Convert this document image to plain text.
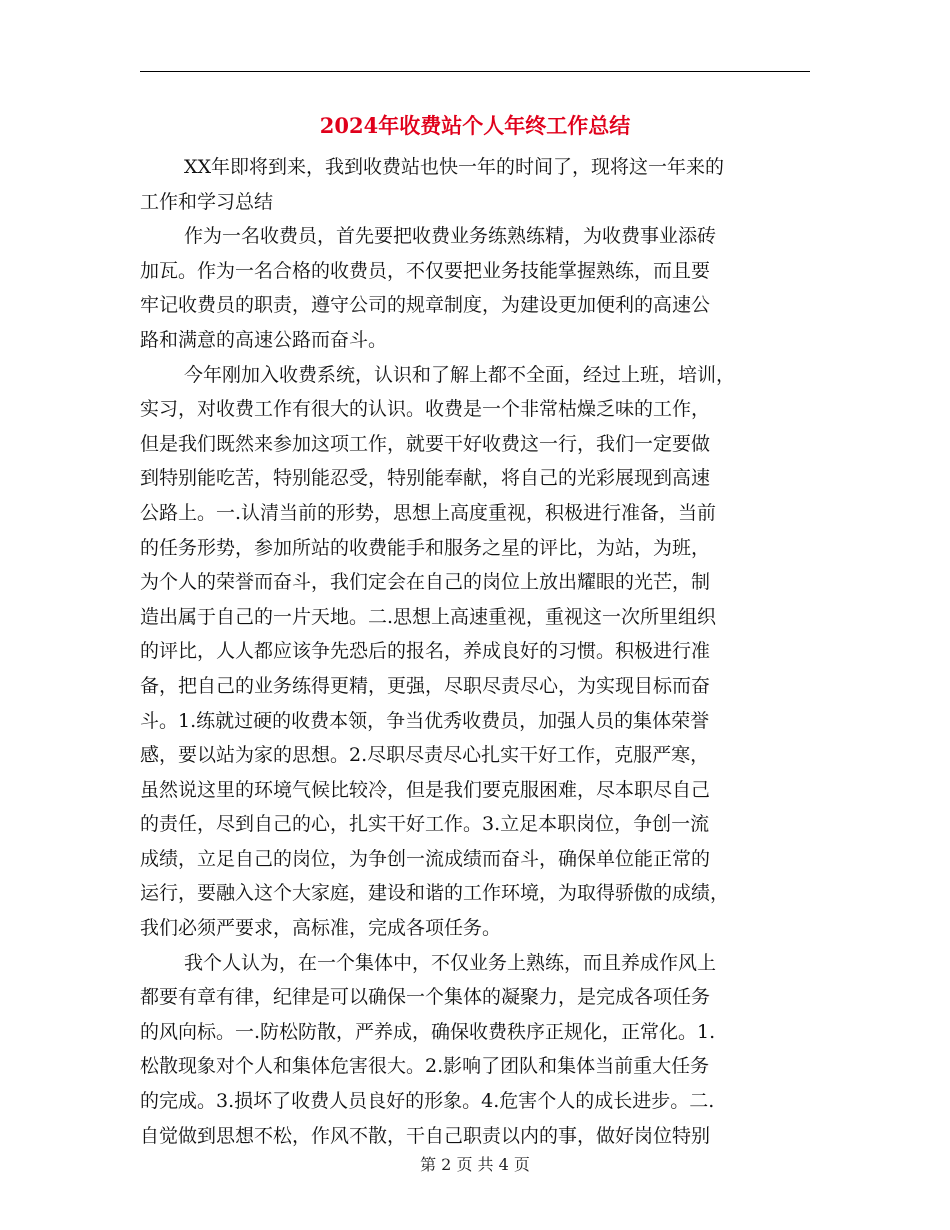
2024年收费站个人年终工作总结
XX年即将到来，我到收费站也快一年的时间了，现将这一年来的
工作和学习总结
作为一名收费员，首先要把收费业务练熟练精，为收费事业添砖
加瓦。作为一名合格的收费员，不仅要把业务技能掌握熟练，而且要
牢记收费员的职责，遵守公司的规章制度，为建设更加便利的高速公
路和满意的高速公路而奋斗。
今年刚加入收费系统，认识和了解上都不全面，经过上班，培训，
实习，对收费工作有很大的认识。收费是一个非常枯燥乏味的工作，
但是我们既然来参加这项工作，就要干好收费这一行，我们一定要做
到特别能吃苦，特别能忍受，特别能奉献，将自己的光彩展现到高速
公路上。一.认清当前的形势，思想上高度重视，积极进行准备，当前
的任务形势，参加所站的收费能手和服务之星的评比，为站，为班，
为个人的荣誉而奋斗，我们定会在自己的岗位上放出耀眼的光芒，制
造出属于自己的一片天地。二.思想上高速重视，重视这一次所里组织
的评比，人人都应该争先恐后的报名，养成良好的习惯。积极进行准
备，把自己的业务练得更精，更强，尽职尽责尽心，为实现目标而奋
斗。1.练就过硬的收费本领，争当优秀收费员，加强人员的集体荣誉
感，要以站为家的思想。2.尽职尽责尽心扎实干好工作，克服严寒，
虽然说这里的环境气候比较冷，但是我们要克服困难，尽本职尽自己
的责任，尽到自己的心，扎实干好工作。3.立足本职岗位，争创一流
成绩，立足自己的岗位，为争创一流成绩而奋斗，确保单位能正常的
运行，要融入这个大家庭，建设和谐的工作环境，为取得骄傲的成绩，
我们必须严要求，高标准，完成各项任务。
我个人认为，在一个集体中，不仅业务上熟练，而且养成作风上
都要有章有律，纪律是可以确保一个集体的凝聚力，是完成各项任务
的风向标。一.防松防散，严养成，确保收费秩序正规化，正常化。1.
松散现象对个人和集体危害很大。2.影响了团队和集体当前重大任务
的完成。3.损坏了收费人员良好的形象。4.危害个人的成长进步。二.
自觉做到思想不松，作风不散，干自己职责以内的事，做好岗位特别
第 2 页 共 4 页
